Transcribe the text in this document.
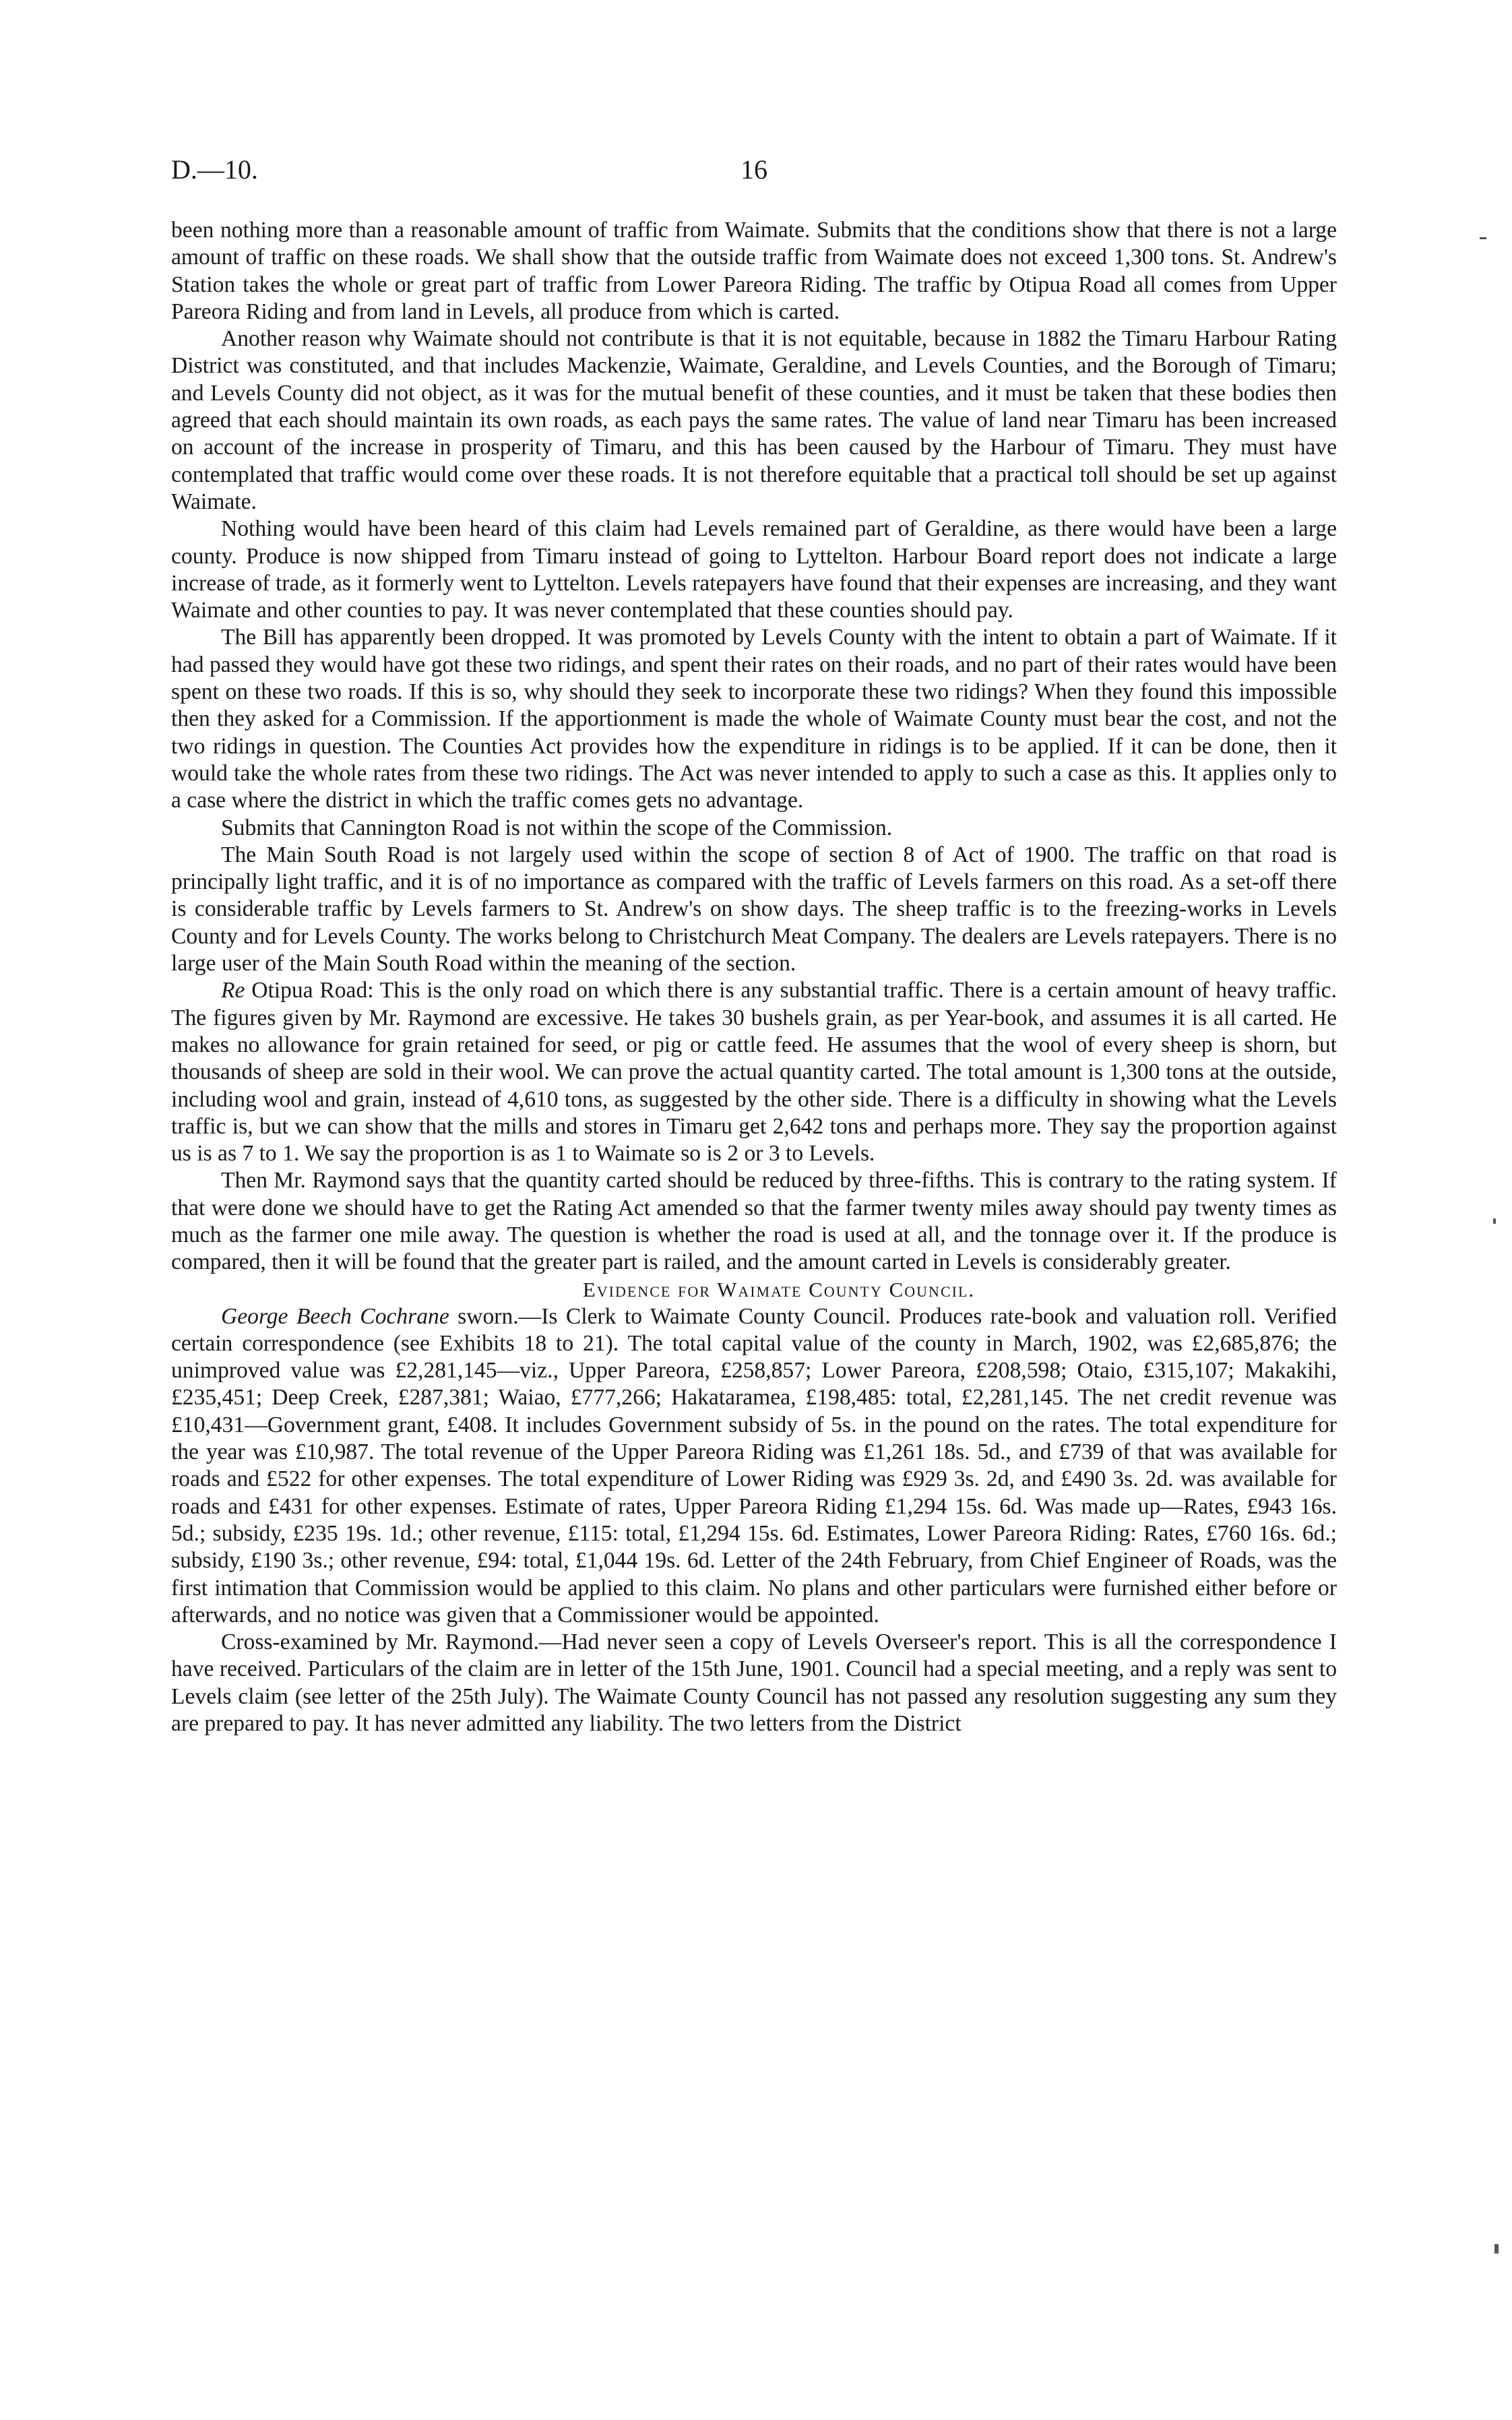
D.—10.	16

been nothing more than a reasonable amount of traffic from Waimate. Submits that the conditions show that there is not a large amount of traffic on these roads. We shall show that the outside traffic from Waimate does not exceed 1,300 tons. St. Andrew's Station takes the whole or great part of traffic from Lower Pareora Riding. The traffic by Otipua Road all comes from Upper Pareora Riding and from land in Levels, all produce from which is carted.

Another reason why Waimate should not contribute is that it is not equitable, because in 1882 the Timaru Harbour Rating District was constituted, and that includes Mackenzie, Waimate, Geraldine, and Levels Counties, and the Borough of Timaru; and Levels County did not object, as it was for the mutual benefit of these counties, and it must be taken that these bodies then agreed that each should maintain its own roads, as each pays the same rates. The value of land near Timaru has been increased on account of the increase in prosperity of Timaru, and this has been caused by the Harbour of Timaru. They must have contemplated that traffic would come over these roads. It is not therefore equitable that a practical toll should be set up against Waimate.

Nothing would have been heard of this claim had Levels remained part of Geraldine, as there would have been a large county. Produce is now shipped from Timaru instead of going to Lyttelton. Harbour Board report does not indicate a large increase of trade, as it formerly went to Lyttelton. Levels ratepayers have found that their expenses are increasing, and they want Waimate and other counties to pay. It was never contemplated that these counties should pay.

The Bill has apparently been dropped. It was promoted by Levels County with the intent to obtain a part of Waimate. If it had passed they would have got these two ridings, and spent their rates on their roads, and no part of their rates would have been spent on these two roads. If this is so, why should they seek to incorporate these two ridings? When they found this impossible then they asked for a Commission. If the apportionment is made the whole of Waimate County must bear the cost, and not the two ridings in question. The Counties Act provides how the expenditure in ridings is to be applied. If it can be done, then it would take the whole rates from these two ridings. The Act was never intended to apply to such a case as this. It applies only to a case where the district in which the traffic comes gets no advantage.

Submits that Cannington Road is not within the scope of the Commission.

The Main South Road is not largely used within the scope of section 8 of Act of 1900. The traffic on that road is principally light traffic, and it is of no importance as compared with the traffic of Levels farmers on this road. As a set-off there is considerable traffic by Levels farmers to St. Andrew's on show days. The sheep traffic is to the freezing-works in Levels County and for Levels County. The works belong to Christchurch Meat Company. The dealers are Levels ratepayers. There is no large user of the Main South Road within the meaning of the section.

Re Otipua Road: This is the only road on which there is any substantial traffic. There is a certain amount of heavy traffic. The figures given by Mr. Raymond are excessive. He takes 30 bushels grain, as per Year-book, and assumes it is all carted. He makes no allowance for grain retained for seed, or pig or cattle feed. He assumes that the wool of every sheep is shorn, but thousands of sheep are sold in their wool. We can prove the actual quantity carted. The total amount is 1,300 tons at the outside, including wool and grain, instead of 4,610 tons, as suggested by the other side. There is a difficulty in showing what the Levels traffic is, but we can show that the mills and stores in Timaru get 2,642 tons and perhaps more. They say the proportion against us is as 7 to 1. We say the proportion is as 1 to Waimate so is 2 or 3 to Levels.

Then Mr. Raymond says that the quantity carted should be reduced by three-fifths. This is contrary to the rating system. If that were done we should have to get the Rating Act amended so that the farmer twenty miles away should pay twenty times as much as the farmer one mile away. The question is whether the road is used at all, and the tonnage over it. If the produce is compared, then it will be found that the greater part is railed, and the amount carted in Levels is considerably greater.

Evidence for Waimate County Council.

George Beech Cochrane sworn.—Is Clerk to Waimate County Council. Produces rate-book and valuation roll. Verified certain correspondence (see Exhibits 18 to 21). The total capital value of the county in March, 1902, was £2,685,876; the unimproved value was £2,281,145—viz., Upper Pareora, £258,857; Lower Pareora, £208,598; Otaio, £315,107; Makakihi, £235,451; Deep Creek, £287,381; Waiao, £777,266; Hakataramea, £198,485: total, £2,281,145. The net credit revenue was £10,431—Government grant, £408. It includes Government subsidy of 5s. in the pound on the rates. The total expenditure for the year was £10,987. The total revenue of the Upper Pareora Riding was £1,261 18s. 5d., and £739 of that was available for roads and £522 for other expenses. The total expenditure of Lower Riding was £929 3s. 2d, and £490 3s. 2d. was available for roads and £431 for other expenses. Estimate of rates, Upper Pareora Riding £1,294 15s. 6d. Was made up—Rates, £943 16s. 5d.; subsidy, £235 19s. 1d.; other revenue, £115: total, £1,294 15s. 6d. Estimates, Lower Pareora Riding: Rates, £760 16s. 6d.; subsidy, £190 3s.; other revenue, £94: total, £1,044 19s. 6d. Letter of the 24th February, from Chief Engineer of Roads, was the first intimation that Commission would be applied to this claim. No plans and other particulars were furnished either before or afterwards, and no notice was given that a Commissioner would be appointed.

Cross-examined by Mr. Raymond.—Had never seen a copy of Levels Overseer's report. This is all the correspondence I have received. Particulars of the claim are in letter of the 15th June, 1901. Council had a special meeting, and a reply was sent to Levels claim (see letter of the 25th July). The Waimate County Council has not passed any resolution suggesting any sum they are prepared to pay. It has never admitted any liability. The two letters from the District
